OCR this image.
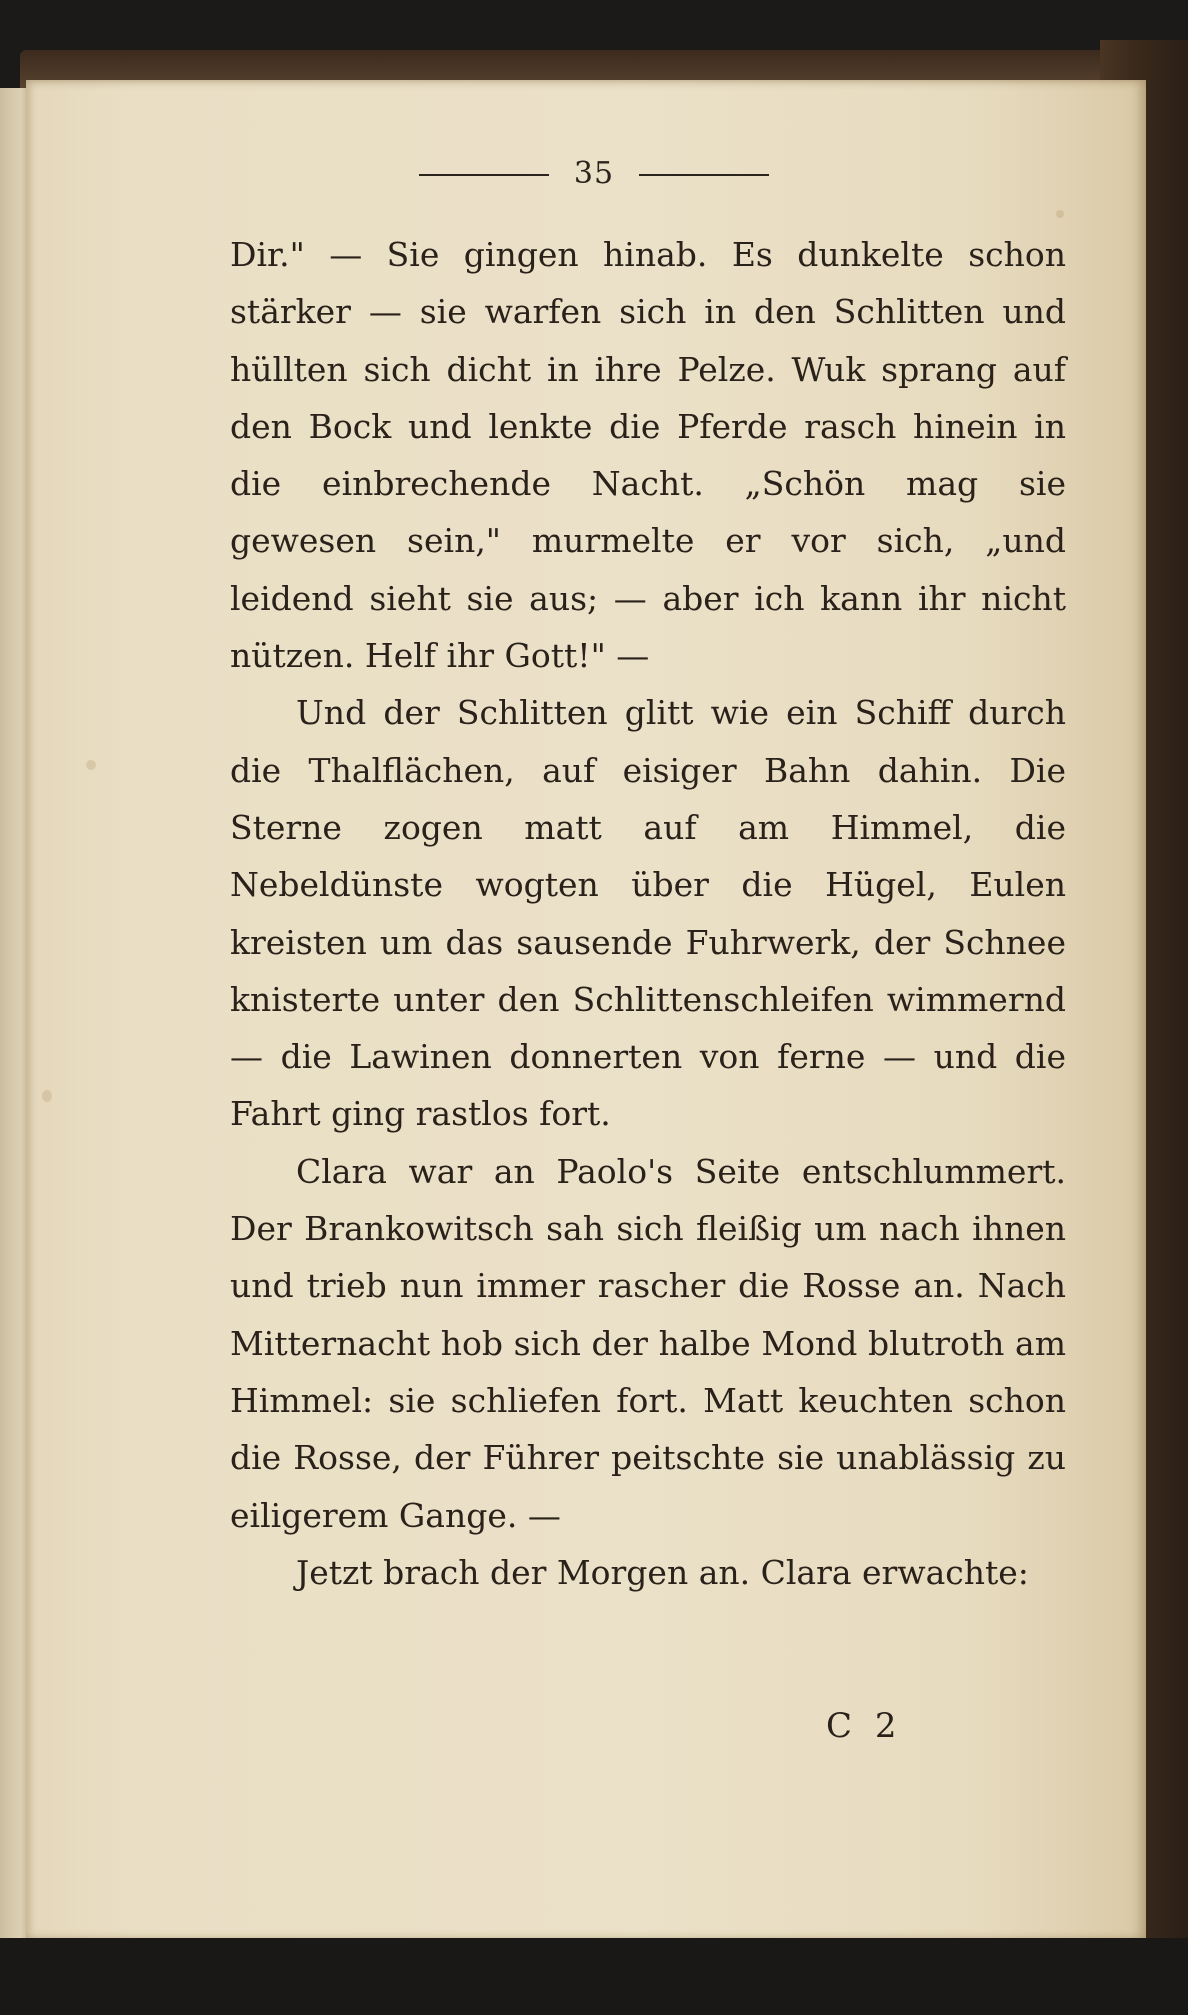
35

Dir." — Sie gingen hinab. Es dunkelte schon stärker — sie warfen sich in den Schlitten und hüllten sich dicht in ihre Pelze. Wuk sprang auf den Bock und lenkte die Pferde rasch hinein in die einbrechende Nacht. „Schön mag sie gewesen sein," murmelte er vor sich, „und leidend sieht sie aus; — aber ich kann ihr nicht nützen. Helf ihr Gott!" —

Und der Schlitten glitt wie ein Schiff durch die Thalflächen, auf eisiger Bahn dahin. Die Sterne zogen matt auf am Himmel, die Nebeldünste wogten über die Hügel, Eulen kreisten um das sausende Fuhrwerk, der Schnee knisterte unter den Schlittenschleifen wimmernd — die Lawinen donnerten von ferne — und die Fahrt ging rastlos fort.

Clara war an Paolo's Seite entschlummert. Der Brankowitsch sah sich fleißig um nach ihnen und trieb nun immer rascher die Rosse an. Nach Mitternacht hob sich der halbe Mond blutroth am Himmel: sie schliefen fort. Matt keuchten schon die Rosse, der Führer peitschte sie unablässig zu eiligerem Gange. —

Jetzt brach der Morgen an. Clara erwachte:

C 2
